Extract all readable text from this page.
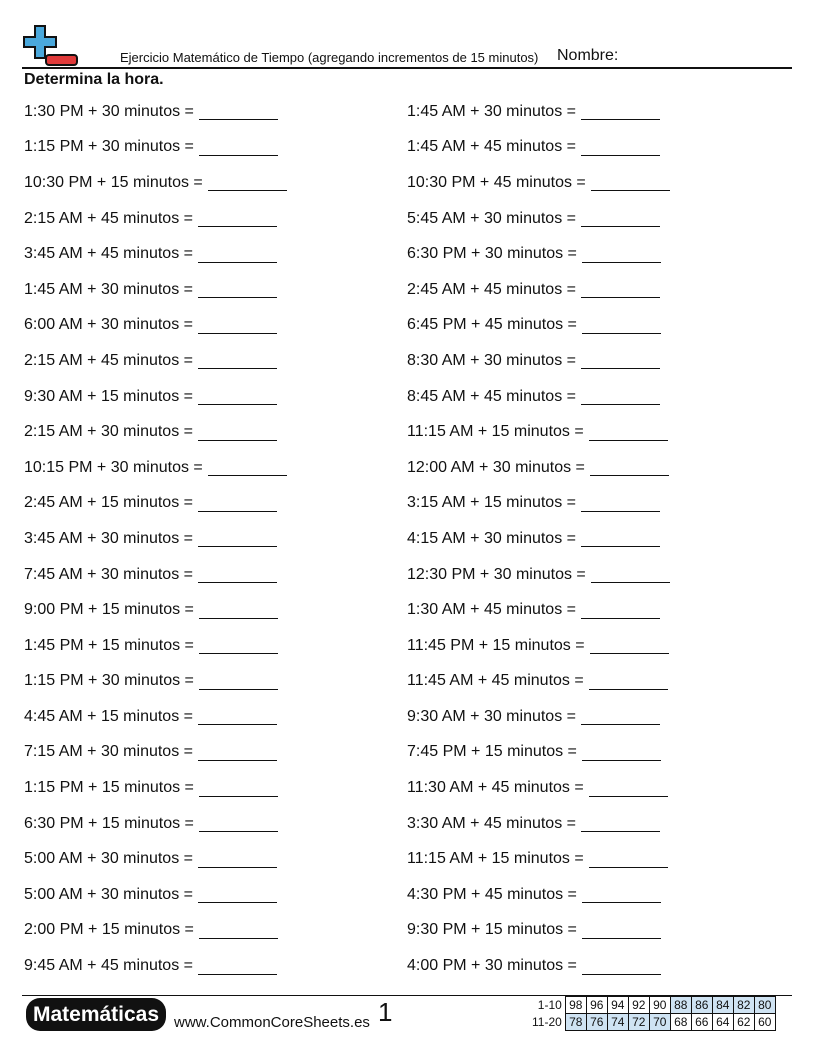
Ejercicio Matemático de Tiempo (agregando incrementos de 15 minutos) Nombre:
Determina la hora.
1:30 PM + 30 minutos =
1:15 PM + 30 minutos =
10:30 PM + 15 minutos =
2:15 AM + 45 minutos =
3:45 AM + 45 minutos =
1:45 AM + 30 minutos =
6:00 AM + 30 minutos =
2:15 AM + 45 minutos =
9:30 AM + 15 minutos =
2:15 AM + 30 minutos =
10:15 PM + 30 minutos =
2:45 AM + 15 minutos =
3:45 AM + 30 minutos =
7:45 AM + 30 minutos =
9:00 PM + 15 minutos =
1:45 PM + 15 minutos =
1:15 PM + 30 minutos =
4:45 AM + 15 minutos =
7:15 AM + 30 minutos =
1:15 PM + 15 minutos =
6:30 PM + 15 minutos =
5:00 AM + 30 minutos =
5:00 AM + 30 minutos =
2:00 PM + 15 minutos =
9:45 AM + 45 minutos =
1:45 AM + 30 minutos =
1:45 AM + 45 minutos =
10:30 PM + 45 minutos =
5:45 AM + 30 minutos =
6:30 PM + 30 minutos =
2:45 AM + 45 minutos =
6:45 PM + 45 minutos =
8:30 AM + 30 minutos =
8:45 AM + 45 minutos =
11:15 AM + 15 minutos =
12:00 AM + 30 minutos =
3:15 AM + 15 minutos =
4:15 AM + 30 minutos =
12:30 PM + 30 minutos =
1:30 AM + 45 minutos =
11:45 PM + 15 minutos =
11:45 AM + 45 minutos =
9:30 AM + 30 minutos =
7:45 PM + 15 minutos =
11:30 AM + 45 minutos =
3:30 AM + 45 minutos =
11:15 AM + 15 minutos =
4:30 PM + 45 minutos =
9:30 PM + 15 minutos =
4:00 PM + 30 minutos =
Matemáticas www.CommonCoreSheets.es 1	1-10	98	96	94	92	90	88	86	84	82	80
11-20	78	76	74	72	70	68	66	64	62	60
